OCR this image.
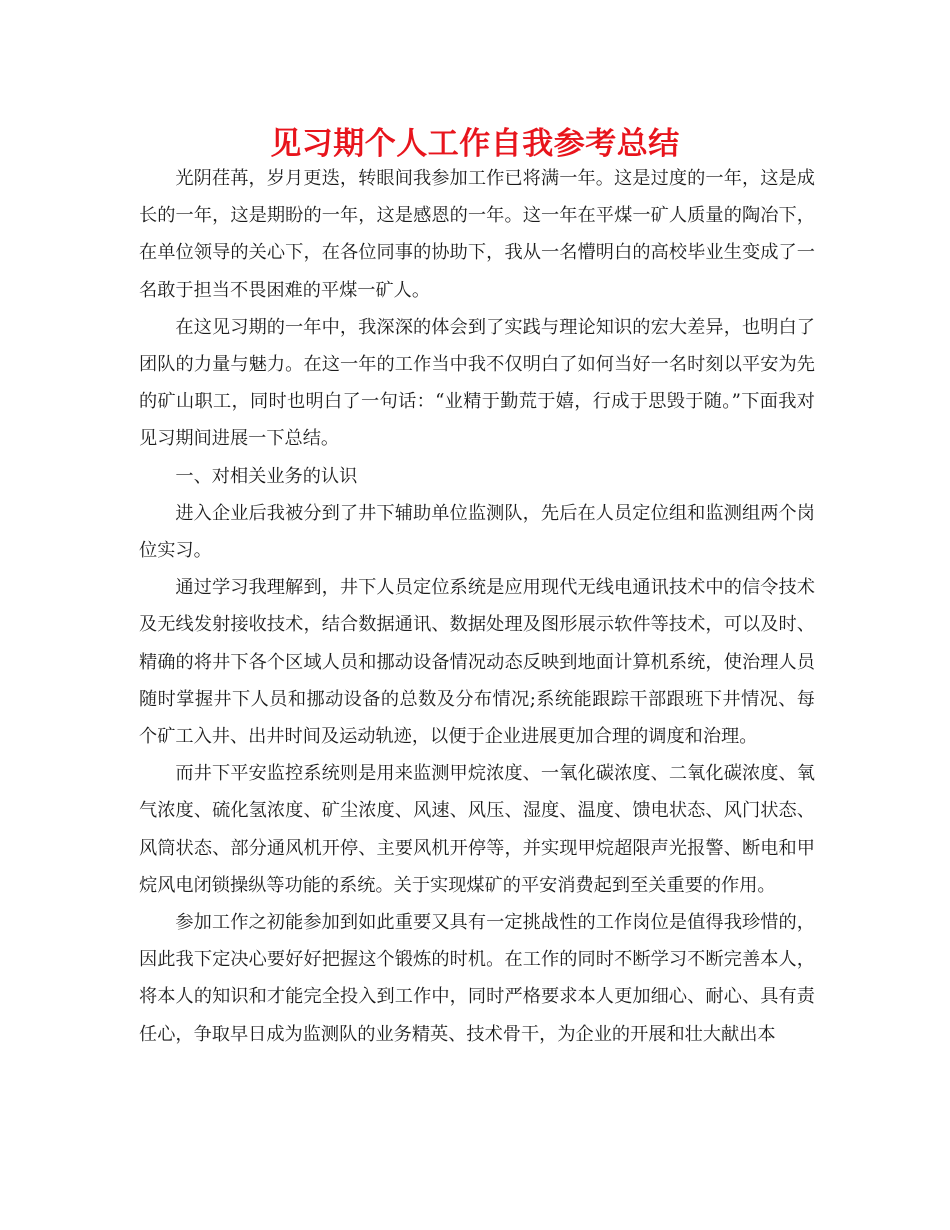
见习期个人工作自我参考总结

光阴荏苒，岁月更迭，转眼间我参加工作已将满一年。这是过度的一年，这是成长的一年，这是期盼的一年，这是感恩的一年。这一年在平煤一矿人质量的陶冶下，在单位领导的关心下，在各位同事的协助下，我从一名懵明白的高校毕业生变成了一名敢于担当不畏困难的平煤一矿人。

在这见习期的一年中，我深深的体会到了实践与理论知识的宏大差异，也明白了团队的力量与魅力。在这一年的工作当中我不仅明白了如何当好一名时刻以平安为先的矿山职工，同时也明白了一句话：“业精于勤荒于嬉，行成于思毁于随。”下面我对见习期间进展一下总结。

一、对相关业务的认识

进入企业后我被分到了井下辅助单位监测队，先后在人员定位组和监测组两个岗位实习。

通过学习我理解到，井下人员定位系统是应用现代无线电通讯技术中的信令技术及无线发射接收技术，结合数据通讯、数据处理及图形展示软件等技术，可以及时、精确的将井下各个区域人员和挪动设备情况动态反映到地面计算机系统，使治理人员随时掌握井下人员和挪动设备的总数及分布情况;系统能跟踪干部跟班下井情况、每个矿工入井、出井时间及运动轨迹，以便于企业进展更加合理的调度和治理。

而井下平安监控系统则是用来监测甲烷浓度、一氧化碳浓度、二氧化碳浓度、氧气浓度、硫化氢浓度、矿尘浓度、风速、风压、湿度、温度、馈电状态、风门状态、风筒状态、部分通风机开停、主要风机开停等，并实现甲烷超限声光报警、断电和甲烷风电闭锁操纵等功能的系统。关于实现煤矿的平安消费起到至关重要的作用。

参加工作之初能参加到如此重要又具有一定挑战性的工作岗位是值得我珍惜的，因此我下定决心要好好把握这个锻炼的时机。在工作的同时不断学习不断完善本人，将本人的知识和才能完全投入到工作中，同时严格要求本人更加细心、耐心、具有责任心，争取早日成为监测队的业务精英、技术骨干，为企业的开展和壮大献出本
